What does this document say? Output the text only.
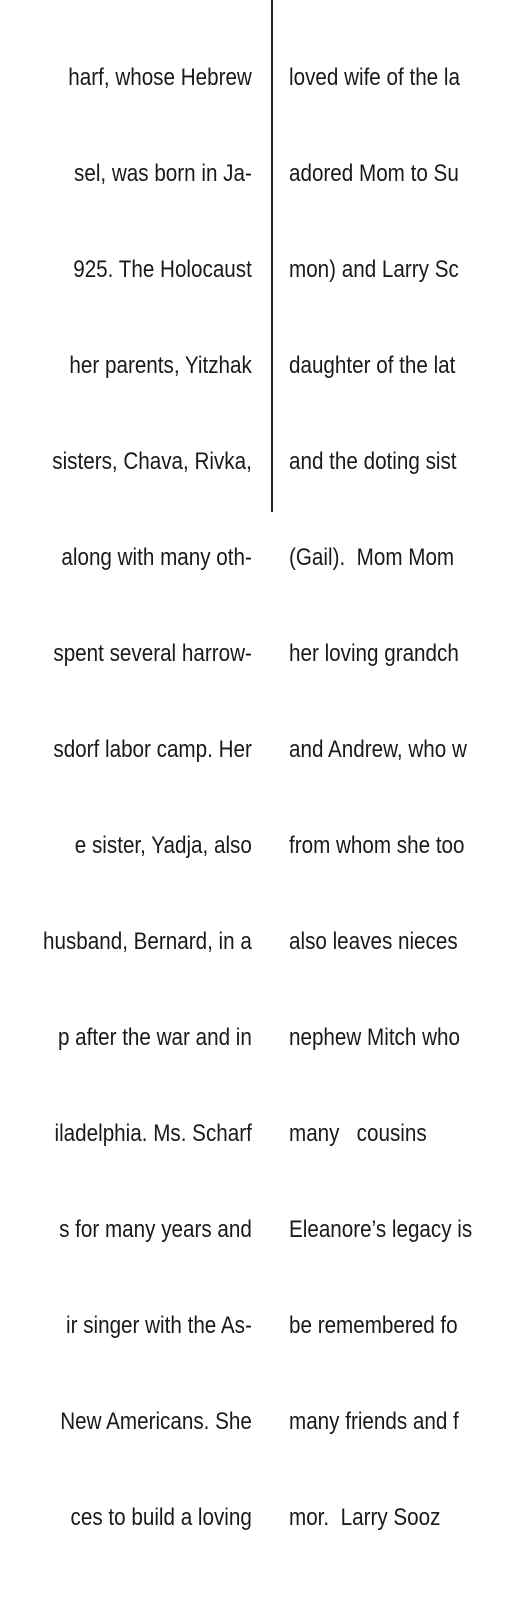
harf, whose Hebrew

sel, was born in Ja-

925. The Holocaust

her parents, Yitzhak

sisters, Chava, Rivka,

along with many oth-

spent several harrow-

sdorf labor camp. Her

e sister, Yadja, also

husband, Bernard, in a

p after the war and in

iladelphia. Ms. Scharf

s for many years and

ir singer with the As-

New Americans. She

ces to build a loving

loved wife of the la

adored Mom to Su

mon) and Larry Sc

daughter of the lat

and the doting sist

(Gail).  Mom Mom

her loving grandch

and Andrew, who w

from whom she too

also leaves nieces

nephew Mitch who

many   cousins

Eleanore’s legacy is

be remembered fo

many friends and f

mor.  Larry Sooz
